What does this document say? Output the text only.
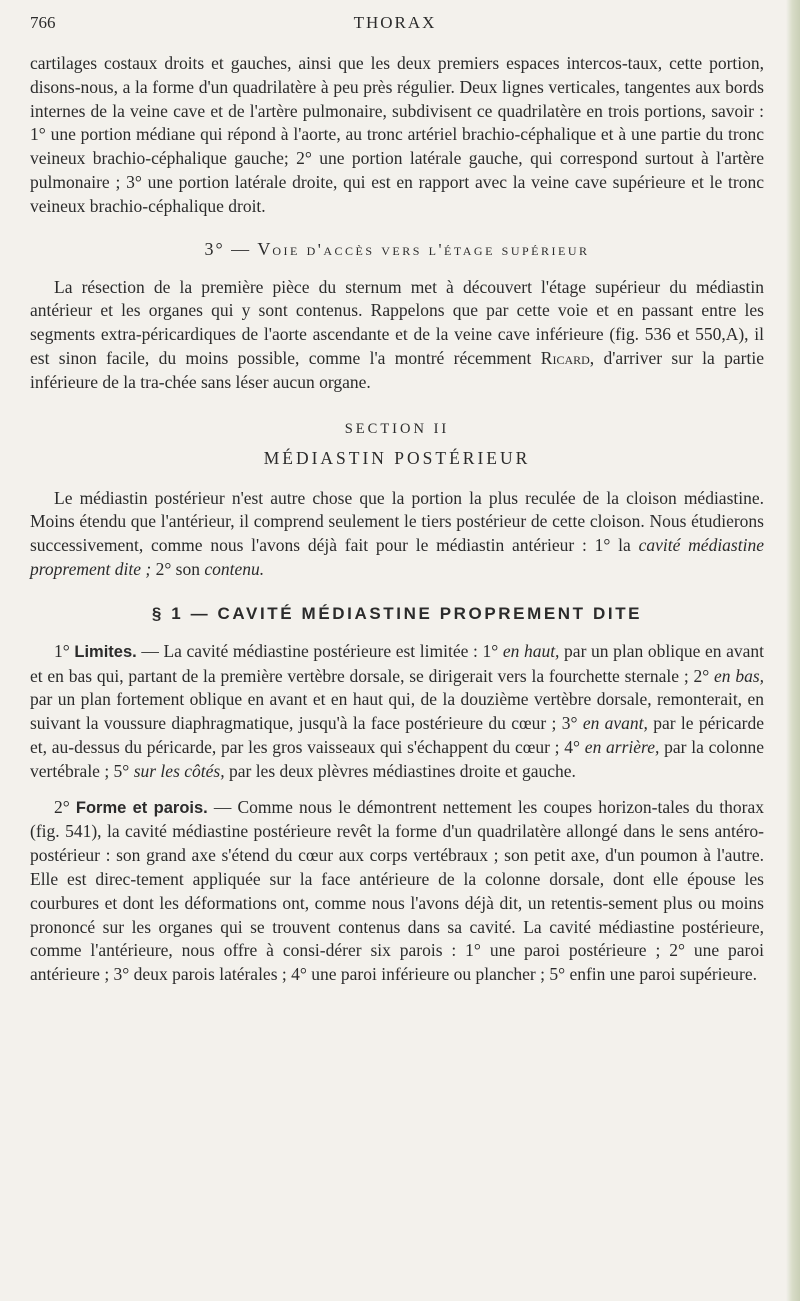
766	THORAX

cartilages costaux droits et gauches, ainsi que les deux premiers espaces intercos-taux, cette portion, disons-nous, a la forme d'un quadrilatère à peu près régulier. Deux lignes verticales, tangentes aux bords internes de la veine cave et de l'artère pulmonaire, subdivisent ce quadrilatère en trois portions, savoir : 1° une portion médiane qui répond à l'aorte, au tronc artériel brachio-céphalique et à une partie du tronc veineux brachio-céphalique gauche; 2° une portion latérale gauche, qui correspond surtout à l'artère pulmonaire ; 3° une portion latérale droite, qui est en rapport avec la veine cave supérieure et le tronc veineux brachio-céphalique droit.

3° — Voie d'accès vers l'étage supérieur

La résection de la première pièce du sternum met à découvert l'étage supérieur du médiastin antérieur et les organes qui y sont contenus. Rappelons que par cette voie et en passant entre les segments extra-péricardiques de l'aorte ascendante et de la veine cave inférieure (fig. 536 et 550,A), il est sinon facile, du moins possible, comme l'a montré récemment Ricard, d'arriver sur la partie inférieure de la tra-chée sans léser aucun organe.

SECTION II
MÉDIASTIN POSTÉRIEUR

Le médiastin postérieur n'est autre chose que la portion la plus reculée de la cloison médiastine. Moins étendu que l'antérieur, il comprend seulement le tiers postérieur de cette cloison. Nous étudierons successivement, comme nous l'avons déjà fait pour le médiastin antérieur : 1° la cavité médiastine proprement dite ; 2° son contenu.

§ 1 — CAVITÉ MÉDIASTINE PROPREMENT DITE

1° Limites. — La cavité médiastine postérieure est limitée : 1° en haut, par un plan oblique en avant et en bas qui, partant de la première vertèbre dorsale, se dirigerait vers la fourchette sternale ; 2° en bas, par un plan fortement oblique en avant et en haut qui, de la douzième vertèbre dorsale, remonterait, en suivant la voussure diaphragmatique, jusqu'à la face postérieure du cœur ; 3° en avant, par le péricarde et, au-dessus du péricarde, par les gros vaisseaux qui s'échappent du cœur ; 4° en arrière, par la colonne vertébrale ; 5° sur les côtés, par les deux plèvres médiastines droite et gauche.

2° Forme et parois. — Comme nous le démontrent nettement les coupes horizon-tales du thorax (fig. 541), la cavité médiastine postérieure revêt la forme d'un quadrilatère allongé dans le sens antéro-postérieur : son grand axe s'étend du cœur aux corps vertébraux ; son petit axe, d'un poumon à l'autre. Elle est direc-tement appliquée sur la face antérieure de la colonne dorsale, dont elle épouse les courbures et dont les déformations ont, comme nous l'avons déjà dit, un retentis-sement plus ou moins prononcé sur les organes qui se trouvent contenus dans sa cavité. La cavité médiastine postérieure, comme l'antérieure, nous offre à consi-dérer six parois : 1° une paroi postérieure ; 2° une paroi antérieure ; 3° deux parois latérales ; 4° une paroi inférieure ou plancher ; 5° enfin une paroi supérieure.
